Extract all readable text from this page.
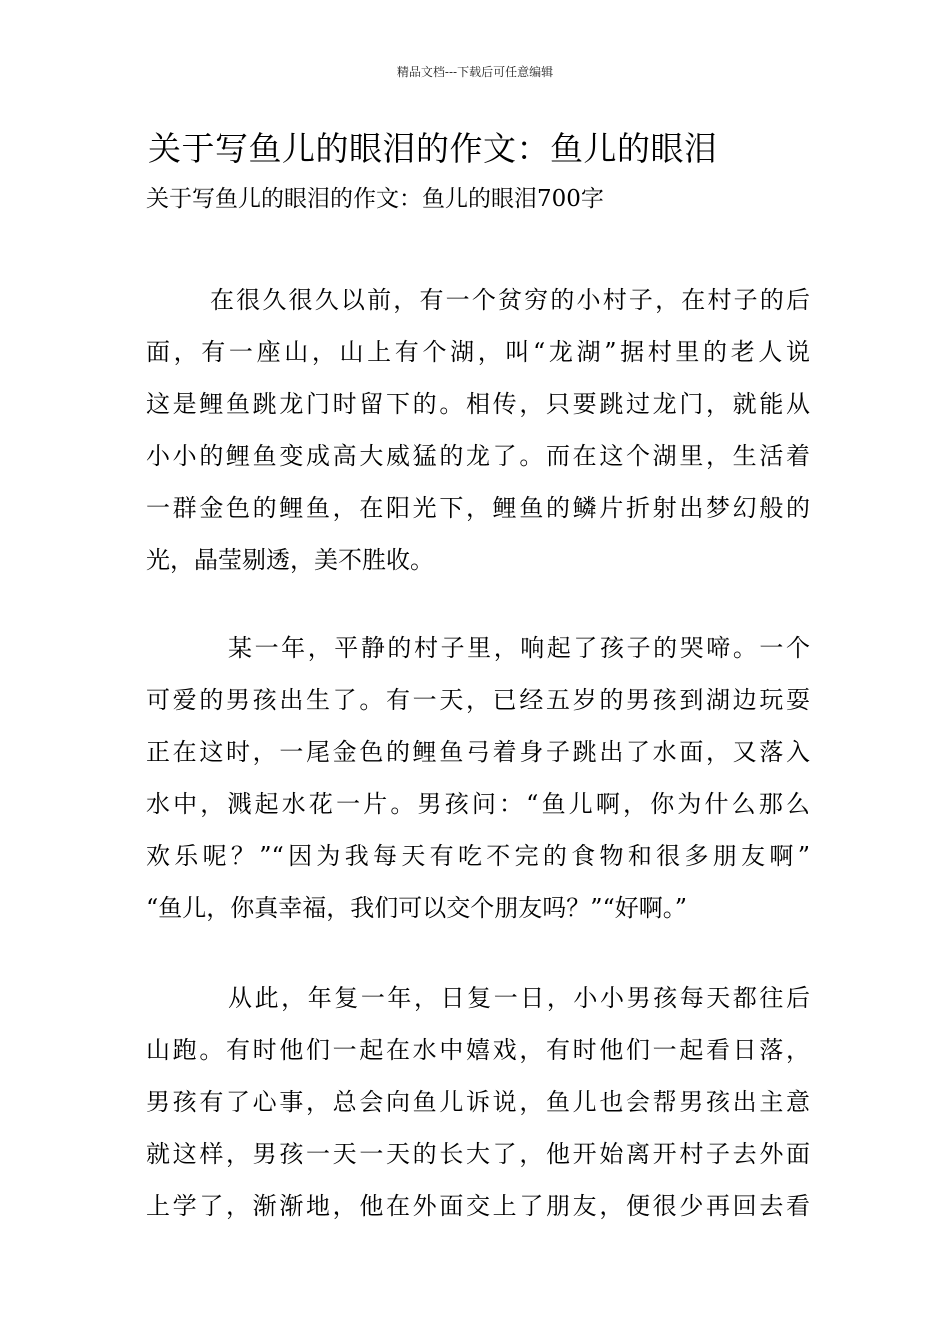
精品文档---下载后可任意编辑
关于写鱼儿的眼泪的作文：鱼儿的眼泪
关于写鱼儿的眼泪的作文：鱼儿的眼泪700字
在很久很久以前，有一个贫穷的小村子，在村子的后
面，有一座山，山上有个湖，叫“龙湖”据村里的老人说
这是鲤鱼跳龙门时留下的。相传，只要跳过龙门，就能从
小小的鲤鱼变成高大威猛的龙了。而在这个湖里，生活着
一群金色的鲤鱼，在阳光下，鲤鱼的鳞片折射出梦幻般的
光，晶莹剔透，美不胜收。
某一年，平静的村子里，响起了孩子的哭啼。一个
可爱的男孩出生了。有一天，已经五岁的男孩到湖边玩耍
正在这时，一尾金色的鲤鱼弓着身子跳出了水面，又落入
水中，溅起水花一片。男孩问：“鱼儿啊，你为什么那么
欢乐呢？”“因为我每天有吃不完的食物和很多朋友啊”
“鱼儿，你真幸福，我们可以交个朋友吗？”“好啊。”
从此，年复一年，日复一日，小小男孩每天都往后
山跑。有时他们一起在水中嬉戏，有时他们一起看日落，
男孩有了心事，总会向鱼儿诉说，鱼儿也会帮男孩出主意
就这样，男孩一天一天的长大了，他开始离开村子去外面
上学了，渐渐地，他在外面交上了朋友，便很少再回去看
